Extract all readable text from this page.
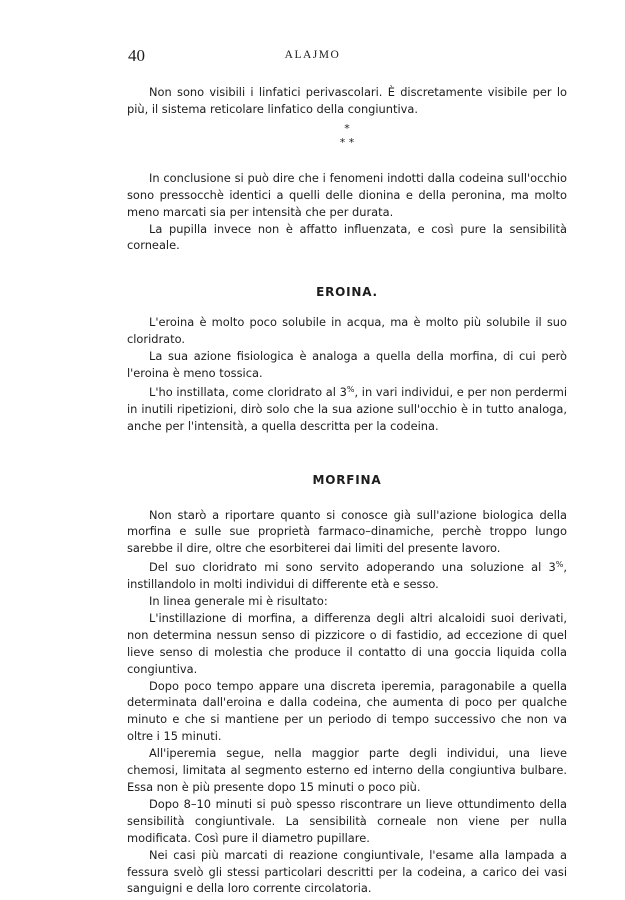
40	ALAJMO

Non sono visibili i linfatici perivascolari. È discretamente visibile per lo più, il sistema reticolare linfatico della congiuntiva.

*
* *

In conclusione si può dire che i fenomeni indotti dalla codeina sull'occhio sono pressocchè identici a quelli delle dionina e della peronina, ma molto meno marcati sia per intensità che per durata.

La pupilla invece non è affatto influenzata, e così pure la sensibilità corneale.

EROINA.

L'eroina è molto poco solubile in acqua, ma è molto più solubile il suo cloridrato.

La sua azione fisiologica è analoga a quella della morfina, di cui però l'eroina è meno tossica.

L'ho instillata, come cloridrato al 3%, in vari individui, e per non perdermi in inutili ripetizioni, dirò solo che la sua azione sull'occhio è in tutto analoga, anche per l'intensità, a quella descritta per la codeina.

MORFINA

Non starò a riportare quanto si conosce già sull'azione biologica della morfina e sulle sue proprietà farmaco–dinamiche, perchè troppo lungo sarebbe il dire, oltre che esorbiterei dai limiti del presente lavoro.

Del suo cloridrato mi sono servito adoperando una soluzione al 3%, instillandolo in molti individui di differente età e sesso.

In linea generale mi è risultato:

L'instillazione di morfina, a differenza degli altri alcaloidi suoi derivati, non determina nessun senso di pizzicore o di fastidio, ad eccezione di quel lieve senso di molestia che produce il contatto di una goccia liquida colla congiuntiva.

Dopo poco tempo appare una discreta iperemia, paragonabile a quella determinata dall'eroina e dalla codeina, che aumenta di poco per qualche minuto e che si mantiene per un periodo di tempo successivo che non va oltre i 15 minuti.

All'iperemia segue, nella maggior parte degli individui, una lieve chemosi, limitata al segmento esterno ed interno della congiuntiva bulbare. Essa non è più presente dopo 15 minuti o poco più.

Dopo 8–10 minuti si può spesso riscontrare un lieve ottundimento della sensibilità congiuntivale. La sensibilità corneale non viene per nulla modificata. Così pure il diametro pupillare.

Nei casi più marcati di reazione congiuntivale, l'esame alla lampada a fessura svelò gli stessi particolari descritti per la codeina, a carico dei vasi sanguigni e della loro corrente circolatoria.
